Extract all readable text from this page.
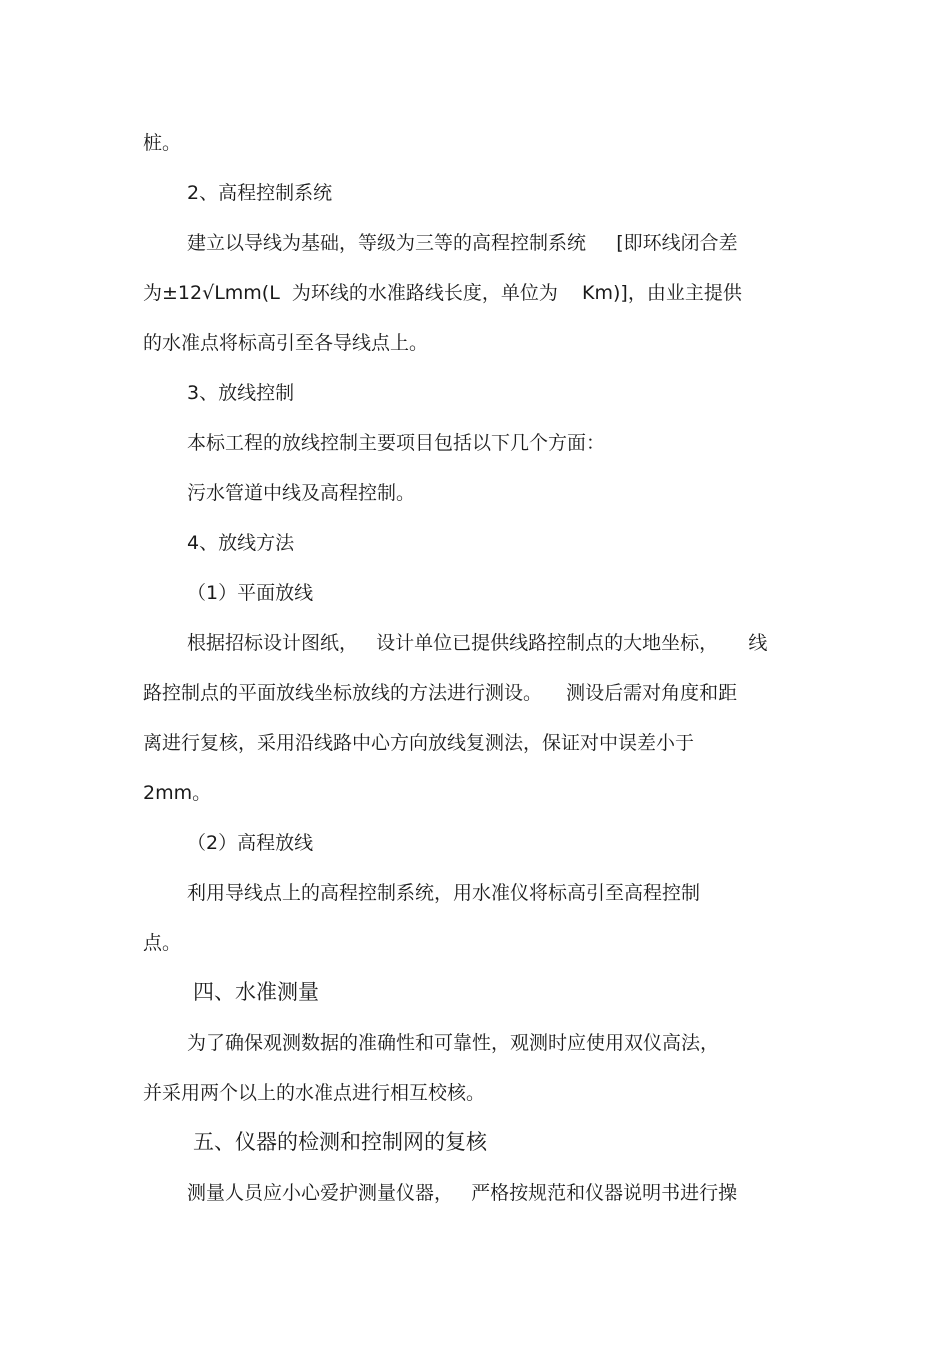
桩。

2、高程控制系统

建立以导线为基础，等级为三等的高程控制系统     [即环线闭合差

为±12√Lmm(L  为环线的水准路线长度，单位为    Km)]，由业主提供

的水准点将标高引至各导线点上。

3、放线控制

本标工程的放线控制主要项目包括以下几个方面：

污水管道中线及高程控制。

4、放线方法

（1）平面放线

根据招标设计图纸，   设计单位已提供线路控制点的大地坐标，     线

路控制点的平面放线坐标放线的方法进行测设。    测设后需对角度和距

离进行复核，采用沿线路中心方向放线复测法，保证对中误差小于

2mm。

（2）高程放线

利用导线点上的高程控制系统，用水准仪将标高引至高程控制

点。

四、水准测量

为了确保观测数据的准确性和可靠性，观测时应使用双仪高法，

并采用两个以上的水准点进行相互校核。

五、仪器的检测和控制网的复核

测量人员应小心爱护测量仪器，   严格按规范和仪器说明书进行操
